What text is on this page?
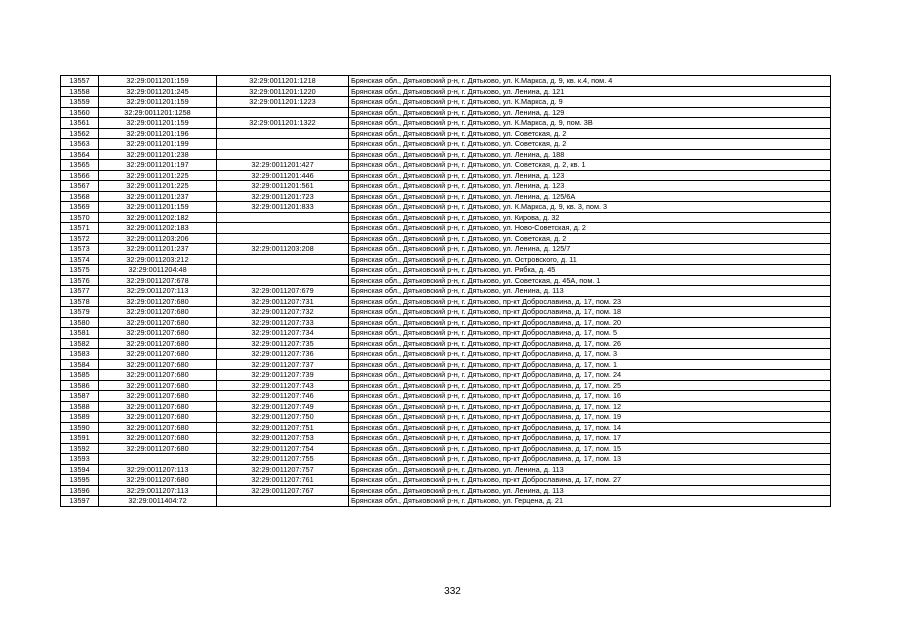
13557	32:29:0011201:159	32:29:0011201:1218	Брянская обл., Дятьковский р-н, г. Дятьково, ул. К.Маркса, д. 9, кв. к.4, пом. 4
13558	32:29:0011201:245	32:29:0011201:1220	Брянская обл., Дятьковский р-н, г. Дятьково, ул. Ленина, д. 121
13559	32:29:0011201:159	32:29:0011201:1223	Брянская обл., Дятьковский р-н, г. Дятьково, ул. К.Маркса, д. 9
13560	32:29:0011201:1258		Брянская обл., Дятьковский р-н, г. Дятьково, ул. Ленина, д. 129
13561	32:29:0011201:159	32:29:0011201:1322	Брянская обл., Дятьковский р-н, г. Дятьково, ул. К.Маркса, д. 9, пом. 3В
13562	32:29:0011201:196		Брянская обл., Дятьковский р-н, г. Дятьково, ул. Советская, д. 2
13563	32:29:0011201:199		Брянская обл., Дятьковский р-н, г. Дятьково, ул. Советская, д. 2
13564	32:29:0011201:238		Брянская обл., Дятьковский р-н, г. Дятьково, ул. Ленина, д. 188
13565	32:29:0011201:197	32:29:0011201:427	Брянская обл., Дятьковский р-н, г. Дятьково, ул. Советская, д. 2, кв. 1
13566	32:29:0011201:225	32:29:0011201:446	Брянская обл., Дятьковский р-н, г. Дятьково, ул. Ленина, д. 123
13567	32:29:0011201:225	32:29:0011201:561	Брянская обл., Дятьковский р-н, г. Дятьково, ул. Ленина, д. 123
13568	32:29:0011201:237	32:29:0011201:723	Брянская обл., Дятьковский р-н, г. Дятьково, ул. Ленина, д. 125/6А
13569	32:29:0011201:159	32:29:0011201:833	Брянская обл., Дятьковский р-н, г. Дятьково, ул. К.Маркса, д. 9, кв. 3, пом. 3
13570	32:29:0011202:182		Брянская обл., Дятьковский р-н, г. Дятьково, ул. Кирова, д. 32
13571	32:29:0011202:183		Брянская обл., Дятьковский р-н, г. Дятьково, ул. Ново-Советская, д. 2
13572	32:29:0011203:206		Брянская обл., Дятьковский р-н, г. Дятьково, ул. Советская, д. 2
13573	32:29:0011201:237	32:29:0011203:208	Брянская обл., Дятьковский р-н, г. Дятьково, ул. Ленина, д. 125/7
13574	32:29:0011203:212		Брянская обл., Дятьковский р-н, г. Дятьково, ул. Островского, д. 11
13575	32:29:0011204:48		Брянская обл., Дятьковский р-н, г. Дятьково, ул. Рябка, д. 45
13576	32:29:0011207:678		Брянская обл., Дятьковский р-н, г. Дятьково, ул. Советская, д. 45А, пом. 1
13577	32:29:0011207:113	32:29:0011207:679	Брянская обл., Дятьковский р-н, г. Дятьково, ул. Ленина, д. 113
13578	32:29:0011207:680	32:29:0011207:731	Брянская обл., Дятьковский р-н, г. Дятьково, пр-кт Доброславина, д. 17, пом. 23
13579	32:29:0011207:680	32:29:0011207:732	Брянская обл., Дятьковский р-н, г. Дятьково, пр-кт Доброславина, д. 17, пом. 18
13580	32:29:0011207:680	32:29:0011207:733	Брянская обл., Дятьковский р-н, г. Дятьково, пр-кт Доброславина, д. 17, пом. 20
13581	32:29:0011207:680	32:29:0011207:734	Брянская обл., Дятьковский р-н, г. Дятьково, пр-кт Доброславина, д. 17, пом. 5
13582	32:29:0011207:680	32:29:0011207:735	Брянская обл., Дятьковский р-н, г. Дятьково, пр-кт Доброславина, д. 17, пом. 26
13583	32:29:0011207:680	32:29:0011207:736	Брянская обл., Дятьковский р-н, г. Дятьково, пр-кт Доброславина, д. 17, пом. 3
13584	32:29:0011207:680	32:29:0011207:737	Брянская обл., Дятьковский р-н, г. Дятьково, пр-кт Доброславина, д. 17, пом. 1
13585	32:29:0011207:680	32:29:0011207:739	Брянская обл., Дятьковский р-н, г. Дятьково, пр-кт Доброславина, д. 17, пом. 24
13586	32:29:0011207:680	32:29:0011207:743	Брянская обл., Дятьковский р-н, г. Дятьково, пр-кт Доброславина, д. 17, пом. 25
13587	32:29:0011207:680	32:29:0011207:746	Брянская обл., Дятьковский р-н, г. Дятьково, пр-кт Доброславина, д. 17, пом. 16
13588	32:29:0011207:680	32:29:0011207:749	Брянская обл., Дятьковский р-н, г. Дятьково, пр-кт Доброславина, д. 17, пом. 12
13589	32:29:0011207:680	32:29:0011207:750	Брянская обл., Дятьковский р-н, г. Дятьково, пр-кт Доброславина, д. 17, пом. 19
13590	32:29:0011207:680	32:29:0011207:751	Брянская обл., Дятьковский р-н, г. Дятьково, пр-кт Доброславина, д. 17, пом. 14
13591	32:29:0011207:680	32:29:0011207:753	Брянская обл., Дятьковский р-н, г. Дятьково, пр-кт Доброславина, д. 17, пом. 17
13592	32:29:0011207:680	32:29:0011207:754	Брянская обл., Дятьковский р-н, г. Дятьково, пр-кт Доброславина, д. 17, пом. 15
13593		32:29:0011207:755	Брянская обл., Дятьковский р-н, г. Дятьково, пр-кт Доброславина, д. 17, пом. 13
13594	32:29:0011207:113	32:29:0011207:757	Брянская обл., Дятьковский р-н, г. Дятьково, ул. Ленина, д. 113
13595	32:29:0011207:680	32:29:0011207:761	Брянская обл., Дятьковский р-н, г. Дятьково, пр-кт Доброславина, д. 17, пом. 27
13596	32:29:0011207:113	32:29:0011207:767	Брянская обл., Дятьковский р-н, г. Дятьково, ул. Ленина, д. 113
13597	32:29:0011404:72		Брянская обл., Дятьковский р-н, г. Дятьково, ул. Герцена, д. 21
332
